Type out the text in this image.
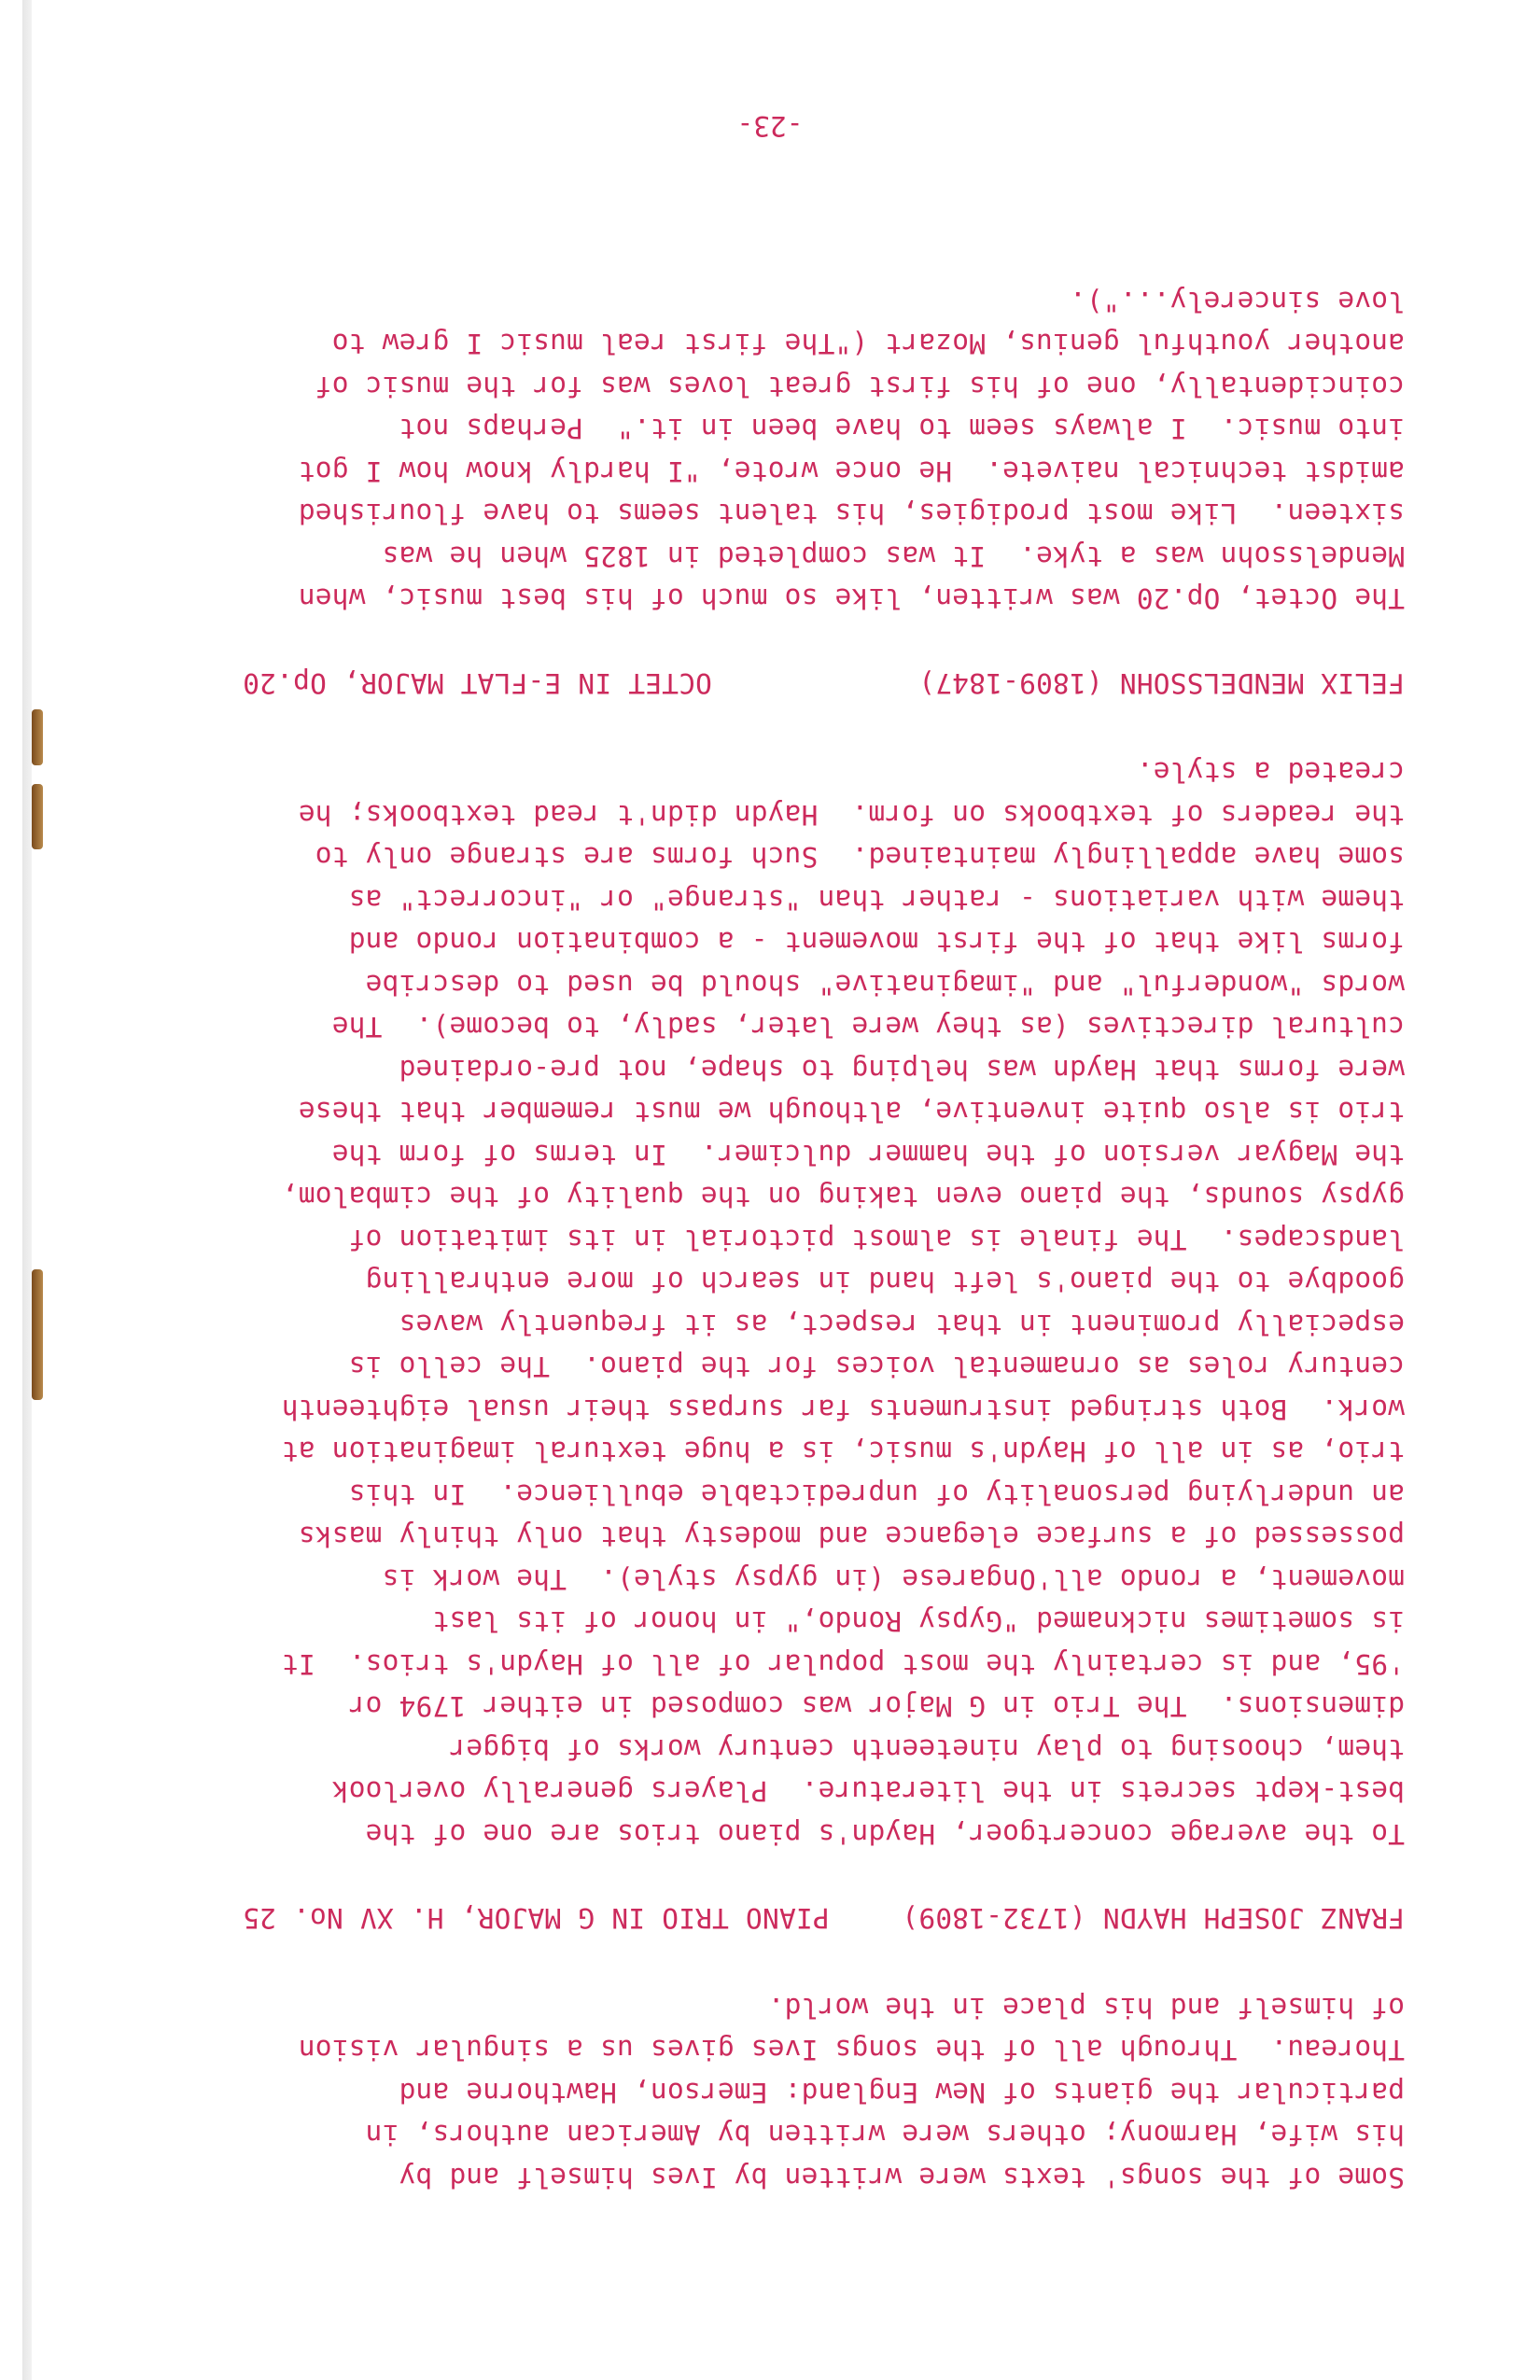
Some of the songs' texts were written by Ives himself and by

his wife, Harmony; others were written by American authors, in

particular the giants of New England: Emerson, Hawthorne and

Thoreau.  Through all of the songs Ives gives us a singular vision

of himself and his place in the world.

FRANZ JOSEPH HAYDN (1732-1809)
PIANO TRIO IN G MAJOR, H. XV No. 25

To the average concertgoer, Haydn's piano trios are one of the

best-kept secrets in the literature.  Players generally overlook

them, choosing to play nineteenth century works of bigger

dimensions.  The Trio in G Major was composed in either 1794 or

'95, and is certainly the most popular of all of Haydn's trios.  It

is sometimes nicknamed "Gypsy Rondo," in honor of its last

movement, a rondo all'Ongarese (in gypsy style).  The work is

possessed of a surface elegance and modesty that only thinly masks

an underlying personality of unpredictable ebullience.  In this

trio, as in all of Haydn's music, is a huge textural imagination at

work.  Both stringed instruments far surpass their usual eighteenth

century roles as ornamental voices for the piano.  The cello is

especially prominent in that respect, as it frequently waves

goodbye to the piano's left hand in search of more enthralling

landscapes.  The finale is almost pictorial in its imitation of

gypsy sounds, the piano even taking on the quality of the cimbalom,

the Magyar version of the hammer dulcimer.  In terms of form the

trio is also quite inventive, although we must remember that these

were forms that Haydn was helping to shape, not pre-ordained

cultural directives (as they were later, sadly, to become).  The

words "wonderful" and "imaginative" should be used to describe

forms like that of the first movement - a combination rondo and

theme with variations - rather than "strange" or "incorrect" as

some have appallingly maintained.  Such forms are strange only to

the readers of textbooks on form.  Haydn didn't read textbooks; he

created a style.

FELIX MENDELSSOHN (1809-1847)
OCTET IN E-FLAT MAJOR, Op.20

The Octet, Op.20 was written, like so much of his best music, when

Mendelssohn was a tyke.  It was completed in 1825 when he was

sixteen.  Like most prodigies, his talent seems to have flourished

amidst technical naivete.  He once wrote, "I hardly know how I got

into music.  I always seem to have been in it."  Perhaps not

coincidentally, one of his first great loves was for the music of

another youthful genius, Mozart ("The first real music I grew to

love sincerely...").

-23-
